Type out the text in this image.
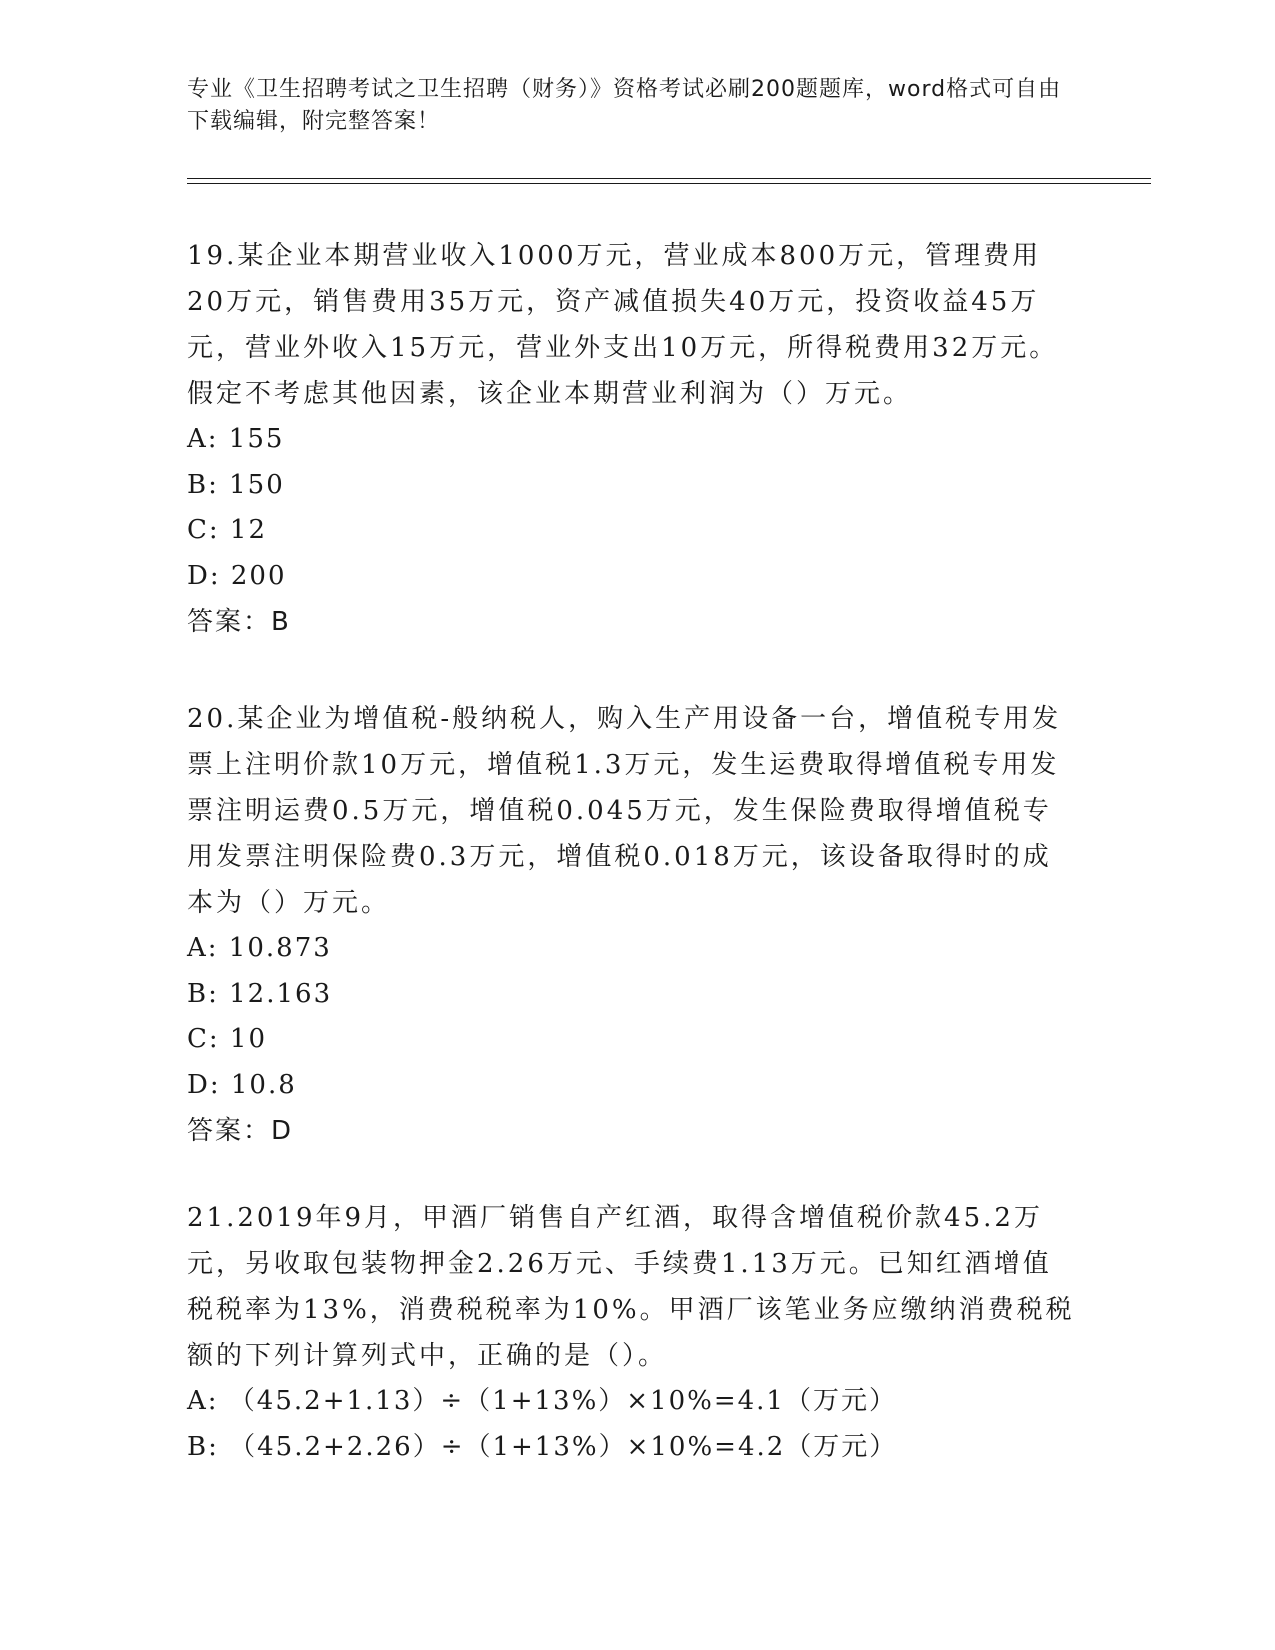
专业《卫生招聘考试之卫生招聘（财务）》资格考试必刷200题题库，word格式可自由下载编辑，附完整答案！

19.某企业本期营业收入1000万元，营业成本800万元，管理费用20万元，销售费用35万元，资产减值损失40万元，投资收益45万元，营业外收入15万元，营业外支出10万元，所得税费用32万元。假定不考虑其他因素，该企业本期营业利润为（）万元。

A: 155

B: 150

C: 12

D: 200

答案：B

20.某企业为增值税-般纳税人，购入生产用设备一台，增值税专用发票上注明价款10万元，增值税1.3万元，发生运费取得增值税专用发票注明运费0.5万元，增值税0.045万元，发生保险费取得增值税专用发票注明保险费0.3万元，增值税0.018万元，该设备取得时的成本为（）万元。

A: 10.873

B: 12.163

C: 10

D: 10.8

答案：D

21.2019年9月，甲酒厂销售自产红酒，取得含增值税价款45.2万元，另收取包装物押金2.26万元、手续费1.13万元。已知红酒增值税税率为13%，消费税税率为10%。甲酒厂该笔业务应缴纳消费税税额的下列计算列式中，正确的是（）。

A: （45.2+1.13）÷（1+13%）×10%=4.1（万元）

B: （45.2+2.26）÷（1+13%）×10%=4.2（万元）
